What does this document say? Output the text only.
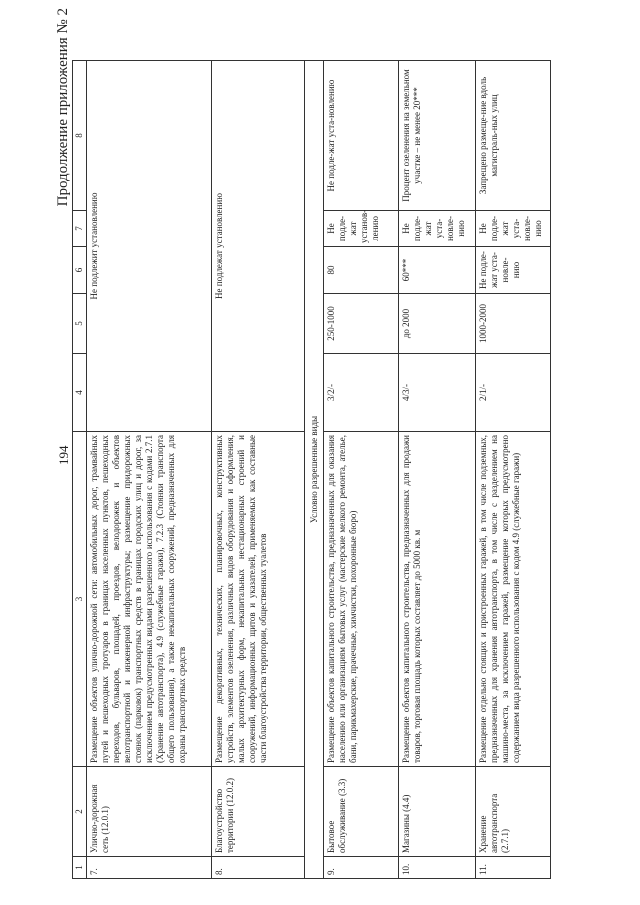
194
Продолжение приложения № 2
1	2	3	4	5	6	7	8
7.	Улично-дорожная сеть (12.0.1)	Размещение объектов улично-дорожной сети: автомобильных дорог, трамвайных путей и пешеходных тротуаров в границах населенных пунктов, пешеходных переходов, бульваров, площадей, проездов, велодорожек и объектов велотранспортной и инженерной инфраструктуры; размещение придорожных стоянок (парковок) транспортных средств в границах городских улиц и дорог, за исключением предусмотренных видами разрешенного использования с кодами 2.7.1 (Хранение автотранспорта), 4.9 (служебные гаражи), 7.2.3 (Стоянки транспорта общего пользования), а также некапитальных сооружений, предназначенных для охраны транспортных средств	Не подлежит установлению				
8.	Благоустройство территории (12.0.2)	Размещение декоративных, технических, планировочных, конструктивных устройств, элементов озеленения, различных видов оборудования и оформления, малых архитектурных форм, некапитальных нестационарных строений и сооружений, информационных щитов и указателей, применяемых как составные части благоустройства территории, общественных туалетов	Не подлежат установлению				
Условно разрешенные виды							
9.	Бытовое обслуживание (3.3)	Размещение объектов капитального строительства, предназначенных для оказания населению или организациям бытовых услуг (мастерские мелкого ремонта, ателье, бани, парикмахерские, прачечные, химчистки, похоронные бюро)	3/2/-	250-1000	80	Не подле-жат установ-лению	Не подле-жат уста-новлению
10.	Магазины (4.4)	Размещение объектов капитального строительства, предназначенных для продажи товаров, торговая площадь которых составляет до 5000 кв. м	4/3/-	до 2000	60***	Не подле-жат уста-новле-нию	Процент озеленения на земельном участке – не менее 20***
11.	Хранение автотранспорта (2.7.1)	Размещение отдельно стоящих и пристроенных гаражей, в том числе подземных, предназначенных для хранения автотранспорта, в том числе с разделением на машино-места, за исключением гаражей, размещение которых предусмотрено содержанием вида разрешенного использования с кодом 4.9 (служебные гаражи)	2/1/-	1000-2000	Не подле-жат уста-новле-нию	Не подле-жат уста-новле-нию	Запрещено размеще-ние вдоль магистраль-ных улиц
